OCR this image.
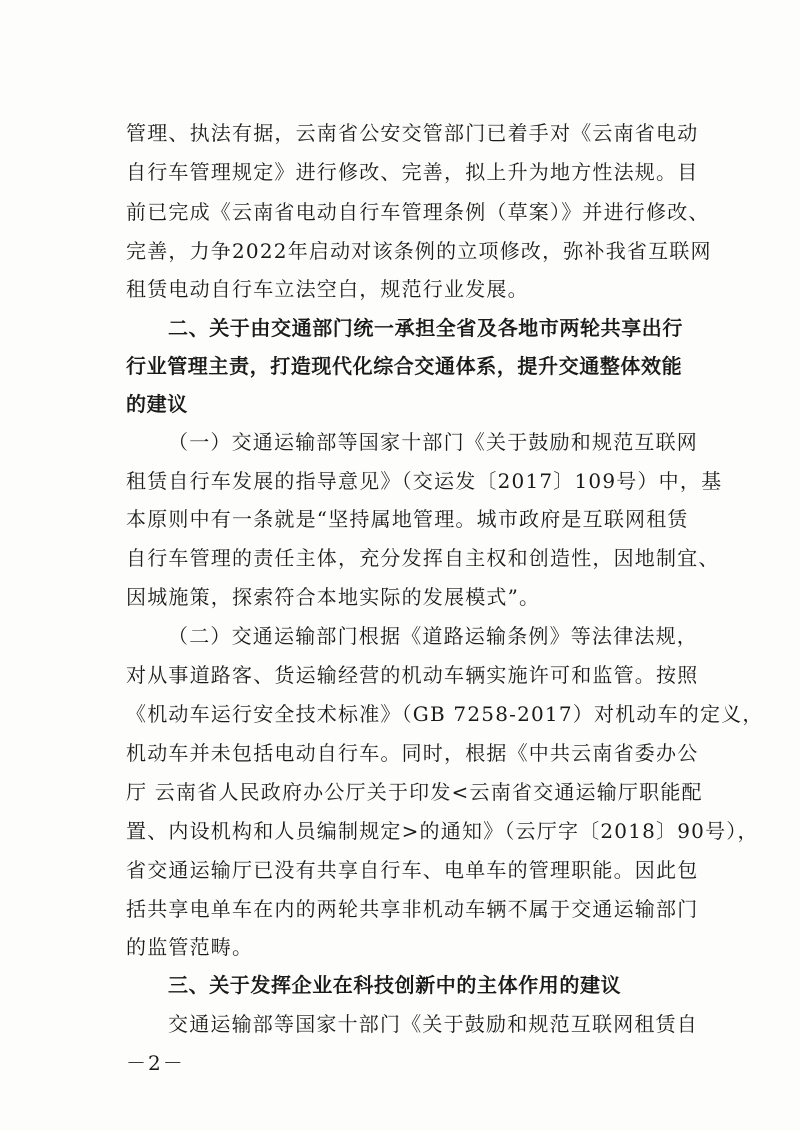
管理、执法有据，云南省公安交管部门已着手对《云南省电动
自行车管理规定》进行修改、完善，拟上升为地方性法规。目
前已完成《云南省电动自行车管理条例（草案）》并进行修改、
完善，力争2022年启动对该条例的立项修改，弥补我省互联网
租赁电动自行车立法空白，规范行业发展。
二、关于由交通部门统一承担全省及各地市两轮共享出行
行业管理主责，打造现代化综合交通体系，提升交通整体效能
的建议
（一）交通运输部等国家十部门《关于鼓励和规范互联网
租赁自行车发展的指导意见》（交运发〔2017〕109号）中，基
本原则中有一条就是“坚持属地管理。城市政府是互联网租赁
自行车管理的责任主体，充分发挥自主权和创造性，因地制宜、
因城施策，探索符合本地实际的发展模式”。
（二）交通运输部门根据《道路运输条例》等法律法规，
对从事道路客、货运输经营的机动车辆实施许可和监管。按照
《机动车运行安全技术标准》（GB 7258-2017）对机动车的定义，
机动车并未包括电动自行车。同时，根据《中共云南省委办公
厅 云南省人民政府办公厅关于印发<云南省交通运输厅职能配
置、内设机构和人员编制规定>的通知》（云厅字〔2018〕90号），
省交通运输厅已没有共享自行车、电单车的管理职能。因此包
括共享电单车在内的两轮共享非机动车辆不属于交通运输部门
的监管范畴。
三、关于发挥企业在科技创新中的主体作用的建议
交通运输部等国家十部门《关于鼓励和规范互联网租赁自
－2－
